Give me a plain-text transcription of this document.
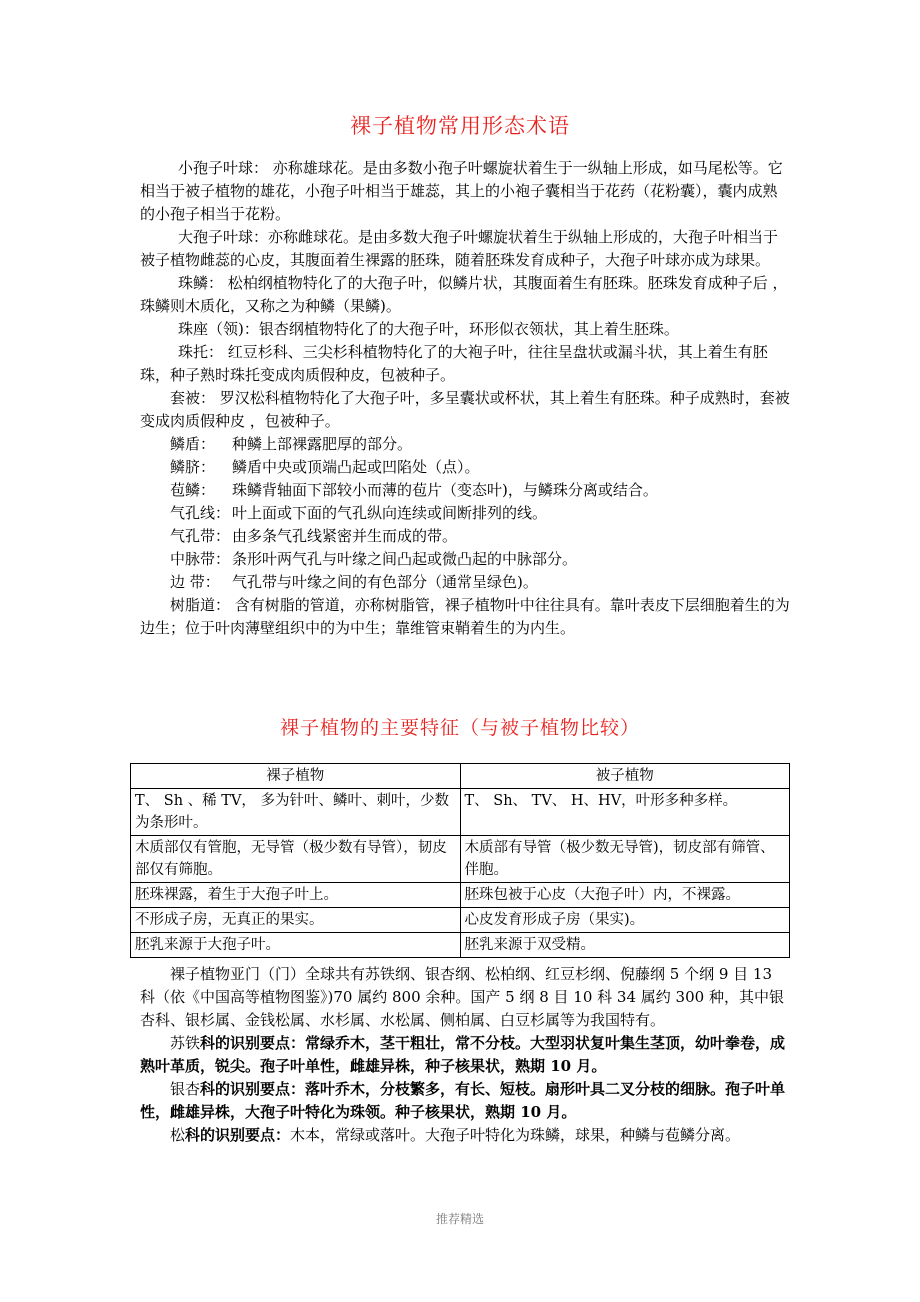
裸子植物常用形态术语

小孢子叶球： 亦称雄球花。是由多数小孢子叶螺旋状着生于一纵轴上形成，如马尾松等。它相当于被子植物的雄花，小孢子叶相当于雄蕊，其上的小袍子囊相当于花药（花粉囊），囊内成熟的小孢子相当于花粉。

大孢子叶球：亦称雌球花。是由多数大孢子叶螺旋状着生于纵轴上形成的，大孢子叶相当于被子植物雌蕊的心皮，其腹面着生裸露的胚珠，随着胚珠发育成种子，大孢子叶球亦成为球果。

珠鳞： 松柏纲植物特化了的大孢子叶，似鳞片状，其腹面着生有胚珠。胚珠发育成种子后 ，珠鳞则木质化，又称之为种鳞（果鳞)。

珠座（领)：银杏纲植物特化了的大孢子叶，环形似衣领状，其上着生胚珠。

珠托： 红豆杉科、三尖杉科植物特化了的大袍子叶，往往呈盘状或漏斗状，其上着生有胚珠，种子熟时珠托变成肉质假种皮，包被种子。

套被： 罗汉松科植物特化了大孢子叶，多呈囊状或杯状，其上着生有胚珠。种子成熟时，套被变成肉质假种皮 ，包被种子。

鳞盾： 种鳞上部裸露肥厚的部分。
鳞脐： 鳞盾中央或顶端凸起或凹陷处（点）。
苞鳞： 珠鳞背轴面下部较小而薄的苞片（变态叶)，与鳞珠分离或结合。
气孔线： 叶上面或下面的气孔纵向连续或间断排列的线。
气孔带： 由多条气孔线紧密并生而成的带。
中脉带： 条形叶两气孔与叶缘之间凸起或微凸起的中脉部分。
边 带： 气孔带与叶缘之间的有色部分（通常呈绿色)。

树脂道： 含有树脂的管道，亦称树脂管，裸子植物叶中往往具有。靠叶表皮下层细胞着生的为边生；位于叶肉薄壁组织中的为中生；靠维管束鞘着生的为内生。

裸子植物的主要特征（与被子植物比较）
裸子植物	被子植物
T、 Sh 、稀 TV， 多为针叶、鳞叶、刺叶，少数为条形叶。	T、 Sh、 TV、 H、HV，叶形多种多样。
木质部仅有管胞，无导管（极少数有导管），韧皮部仅有筛胞。	木质部有导管（极少数无导管)，韧皮部有筛管、伴胞。
胚珠裸露，着生于大孢子叶上。	胚珠包被于心皮（大孢子叶）内，不裸露。
不形成子房，无真正的果实。	心皮发育形成子房（果实)。
胚乳来源于大孢子叶。	胚乳来源于双受精。

裸子植物亚门（门）全球共有苏铁纲、银杏纲、松柏纲、红豆杉纲、倪藤纲 5 个纲 9 目 13 科（依《中国高等植物图鉴》)70 属约 800 余种。国产 5 纲 8 目 10 科 34 属约 300 种，其中银杏科、银杉属、金钱松属、水杉属、水松属、侧柏属、白豆杉属等为我国特有。

苏铁科的识别要点：常绿乔木，茎干粗壮，常不分枝。大型羽状复叶集生茎顶，幼叶拳卷，成熟叶革质，锐尖。孢子叶单性，雌雄异株，种子核果状，熟期 10 月。

银杏科的识别要点：落叶乔木，分枝繁多，有长、短枝。扇形叶具二叉分枝的细脉。孢子叶单性，雌雄异株，大孢子叶特化为珠领。种子核果状，熟期 10 月。

松科的识别要点：木本，常绿或落叶。大孢子叶特化为珠鳞，球果，种鳞与苞鳞分离。

推荐精选
